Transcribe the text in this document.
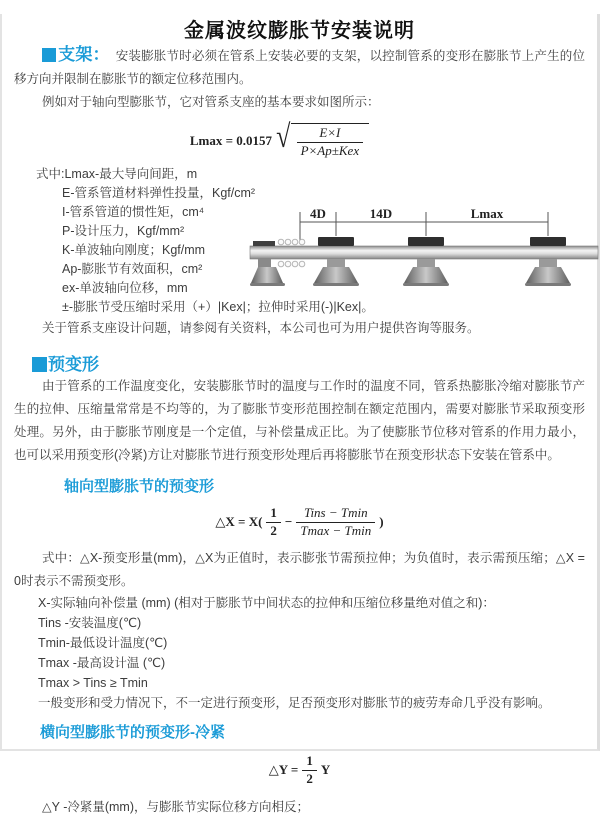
金属波纹膨胀节安装说明

支架： 安装膨胀节时必须在管系上安装必要的支架，以控制管系的变形在膨胀节上产生的位移方向并限制在膨胀节的额定位移范围内。

例如对于轴向型膨胀节，它对管系支座的基本要求如图所示：

Lmax = 0.0157 √ $\frac{E\times I}{\text{P×Ap±Kex}}$
式中:Lmax-最大导向间距，m
E-管系管道材料弹性投量，Kgf/cm²
I-管系管道的惯性矩，cm⁴
P-设计压力，Kgf/mm²
K-单波轴向刚度；Kgf/mm
Ap-膨胀节有效面积，cm²
ex-单波轴向位移，mm
±-膨胀节受压缩时采用（+）|Kex|；拉伸时采用(-)|Kex|。

关于管系支座设计问题，请参阅有关资料，本公司也可为用户提供咨询等服务。

预变形

由于管系的工作温度变化，安装膨胀节时的温度与工作时的温度不同，管系热膨胀冷缩对膨胀节产生的拉伸、压缩量常常是不均等的，为了膨胀节变形范围控制在额定范围内，需要对膨胀节采取预变形处理。另外，由于膨胀节刚度是一个定值，与补偿量成正比。为了使膨胀节位移对管系的作用力最小，也可以采用预变形(冷紧)方让对膨胀节进行预变形处理后再将膨胀节在预变形状态下安装在管系中。

轴向型膨胀节的预变形
△X = $X( \frac{1}{2} - \frac{\text{Tins − Tmin}}{Tmax - Tmin}$ )

式中：△X-预变形量(mm)，△X为正值时，表示膨张节需预拉伸；为负值时，表示需预压缩；△X = 0时表示不需预变形。

X-实际轴向补偿量 (mm) (相对于膨胀节中间状态的拉伸和压缩位移量绝对值之和)：
Tins -安装温度(℃)
Tmin-最低设计温度(℃)
Tmax -最高设计温 (℃)
Tmax > Tins ≥ Tmin
一般变形和受力情况下，不一定进行预变形，足否预变形对膨胀节的疲劳寿命几乎没有影响。
横向型膨胀节的预变形-冷紧
△Y = $\frac{1}{2}$ Y
△Y -冷紧量(mm)，与膨胀节实际位移方向相反；
4D	14D	Lmax
